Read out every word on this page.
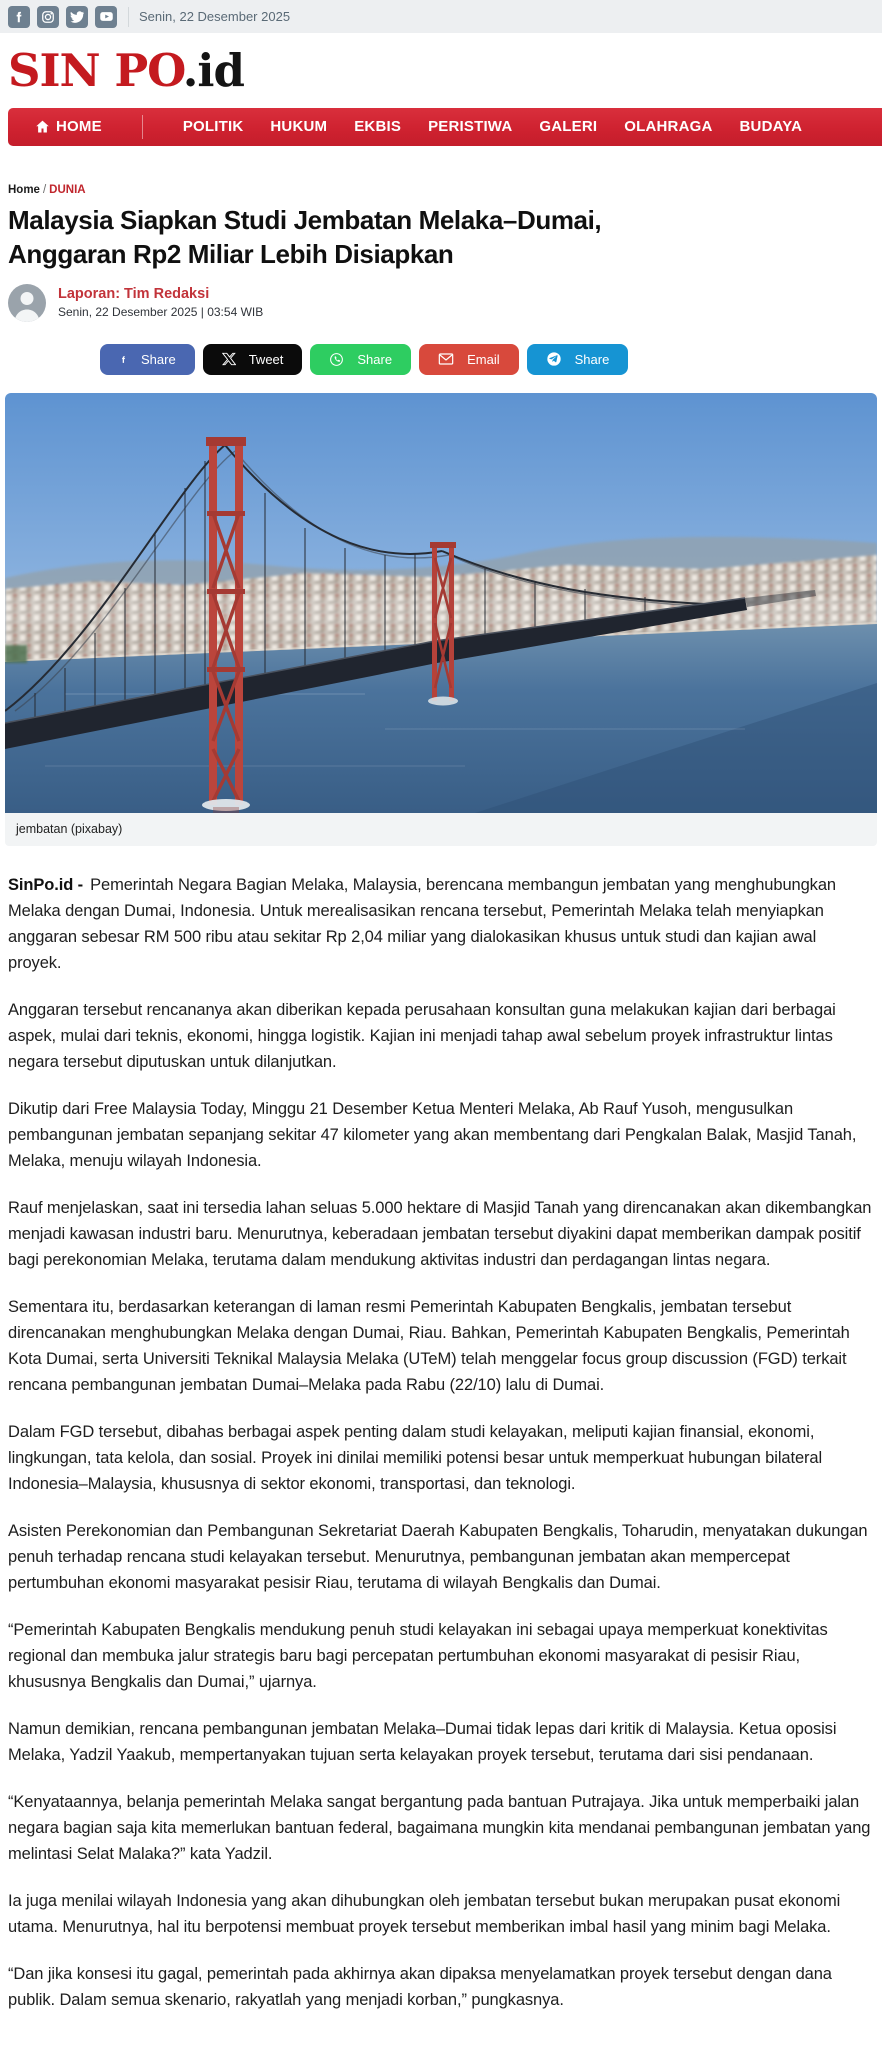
Senin, 22 Desember 2025
SIN PO.id
HOME	POLITIK HUKUM EKBIS PERISTIWA GALERI OLAHRAGA BUDAYA
Home / DUNIA
Malaysia Siapkan Studi Jembatan Melaka–Dumai, Anggaran Rp2 Miliar Lebih Disiapkan
Laporan: Tim Redaksi
Senin, 22 Desember 2025 | 03:54 WIB
Share	Tweet	Share	Email	Share
jembatan (pixabay)

SinPo.id - Pemerintah Negara Bagian Melaka, Malaysia, berencana membangun jembatan yang menghubungkan Melaka dengan Dumai, Indonesia. Untuk merealisasikan rencana tersebut, Pemerintah Melaka telah menyiapkan anggaran sebesar RM 500 ribu atau sekitar Rp 2,04 miliar yang dialokasikan khusus untuk studi dan kajian awal proyek.

Anggaran tersebut rencananya akan diberikan kepada perusahaan konsultan guna melakukan kajian dari berbagai aspek, mulai dari teknis, ekonomi, hingga logistik. Kajian ini menjadi tahap awal sebelum proyek infrastruktur lintas negara tersebut diputuskan untuk dilanjutkan.

Dikutip dari Free Malaysia Today, Minggu 21 Desember Ketua Menteri Melaka, Ab Rauf Yusoh, mengusulkan pembangunan jembatan sepanjang sekitar 47 kilometer yang akan membentang dari Pengkalan Balak, Masjid Tanah, Melaka, menuju wilayah Indonesia.

Rauf menjelaskan, saat ini tersedia lahan seluas 5.000 hektare di Masjid Tanah yang direncanakan akan dikembangkan menjadi kawasan industri baru. Menurutnya, keberadaan jembatan tersebut diyakini dapat memberikan dampak positif bagi perekonomian Melaka, terutama dalam mendukung aktivitas industri dan perdagangan lintas negara.

Sementara itu, berdasarkan keterangan di laman resmi Pemerintah Kabupaten Bengkalis, jembatan tersebut direncanakan menghubungkan Melaka dengan Dumai, Riau. Bahkan, Pemerintah Kabupaten Bengkalis, Pemerintah Kota Dumai, serta Universiti Teknikal Malaysia Melaka (UTeM) telah menggelar focus group discussion (FGD) terkait rencana pembangunan jembatan Dumai–Melaka pada Rabu (22/10) lalu di Dumai.

Dalam FGD tersebut, dibahas berbagai aspek penting dalam studi kelayakan, meliputi kajian finansial, ekonomi, lingkungan, tata kelola, dan sosial. Proyek ini dinilai memiliki potensi besar untuk memperkuat hubungan bilateral Indonesia–Malaysia, khususnya di sektor ekonomi, transportasi, dan teknologi.

Asisten Perekonomian dan Pembangunan Sekretariat Daerah Kabupaten Bengkalis, Toharudin, menyatakan dukungan penuh terhadap rencana studi kelayakan tersebut. Menurutnya, pembangunan jembatan akan mempercepat pertumbuhan ekonomi masyarakat pesisir Riau, terutama di wilayah Bengkalis dan Dumai.

“Pemerintah Kabupaten Bengkalis mendukung penuh studi kelayakan ini sebagai upaya memperkuat konektivitas regional dan membuka jalur strategis baru bagi percepatan pertumbuhan ekonomi masyarakat di pesisir Riau, khususnya Bengkalis dan Dumai,” ujarnya.

Namun demikian, rencana pembangunan jembatan Melaka–Dumai tidak lepas dari kritik di Malaysia. Ketua oposisi Melaka, Yadzil Yaakub, mempertanyakan tujuan serta kelayakan proyek tersebut, terutama dari sisi pendanaan.

“Kenyataannya, belanja pemerintah Melaka sangat bergantung pada bantuan Putrajaya. Jika untuk memperbaiki jalan negara bagian saja kita memerlukan bantuan federal, bagaimana mungkin kita mendanai pembangunan jembatan yang melintasi Selat Malaka?” kata Yadzil.

Ia juga menilai wilayah Indonesia yang akan dihubungkan oleh jembatan tersebut bukan merupakan pusat ekonomi utama. Menurutnya, hal itu berpotensi membuat proyek tersebut memberikan imbal hasil yang minim bagi Melaka.

“Dan jika konsesi itu gagal, pemerintah pada akhirnya akan dipaksa menyelamatkan proyek tersebut dengan dana publik. Dalam semua skenario, rakyatlah yang menjadi korban,” pungkasnya.
